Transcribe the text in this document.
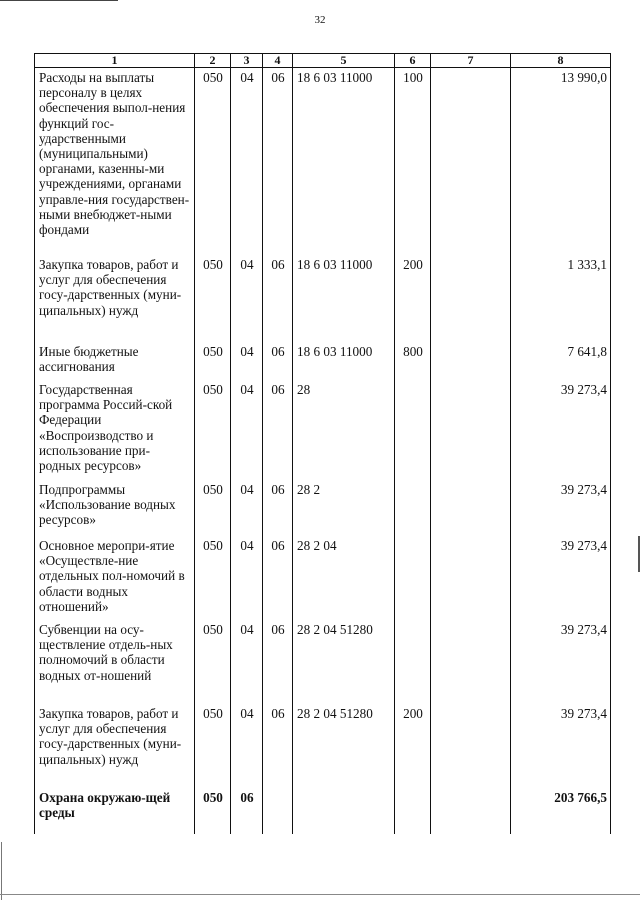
32
1	2	3	4	5	6	7	8
Расходы на выплаты персоналу в целях обеспечения выпол-нения функций гос-ударственными (муниципальными) органами, казенны-ми учреждениями, органами управле-ния государствен-ными внебюджет-ными фондами	050	04	06	18 6 03 11000	100		13 990,0
Закупка товаров, работ и услуг для обеспечения госу-дарственных (муни-ципальных) нужд	050	04	06	18 6 03 11000	200		1 333,1
Иные бюджетные ассигнования	050	04	06	18 6 03 11000	800		7 641,8
Государственная программа Россий-ской Федерации «Воспроизводство и использование при-родных ресурсов»	050	04	06	28			39 273,4
Подпрограммы «Использование водных ресурсов»	050	04	06	28 2			39 273,4
Основное меропри-ятие «Осуществле-ние отдельных пол-номочий в области водных отношений»	050	04	06	28 2 04			39 273,4
Субвенции на осу-ществление отдель-ных полномочий в области водных от-ношений	050	04	06	28 2 04 51280			39 273,4
Закупка товаров, работ и услуг для обеспечения госу-дарственных (муни-ципальных) нужд	050	04	06	28 2 04 51280	200		39 273,4
Охрана окружаю-щей среды	050	06					203 766,5
